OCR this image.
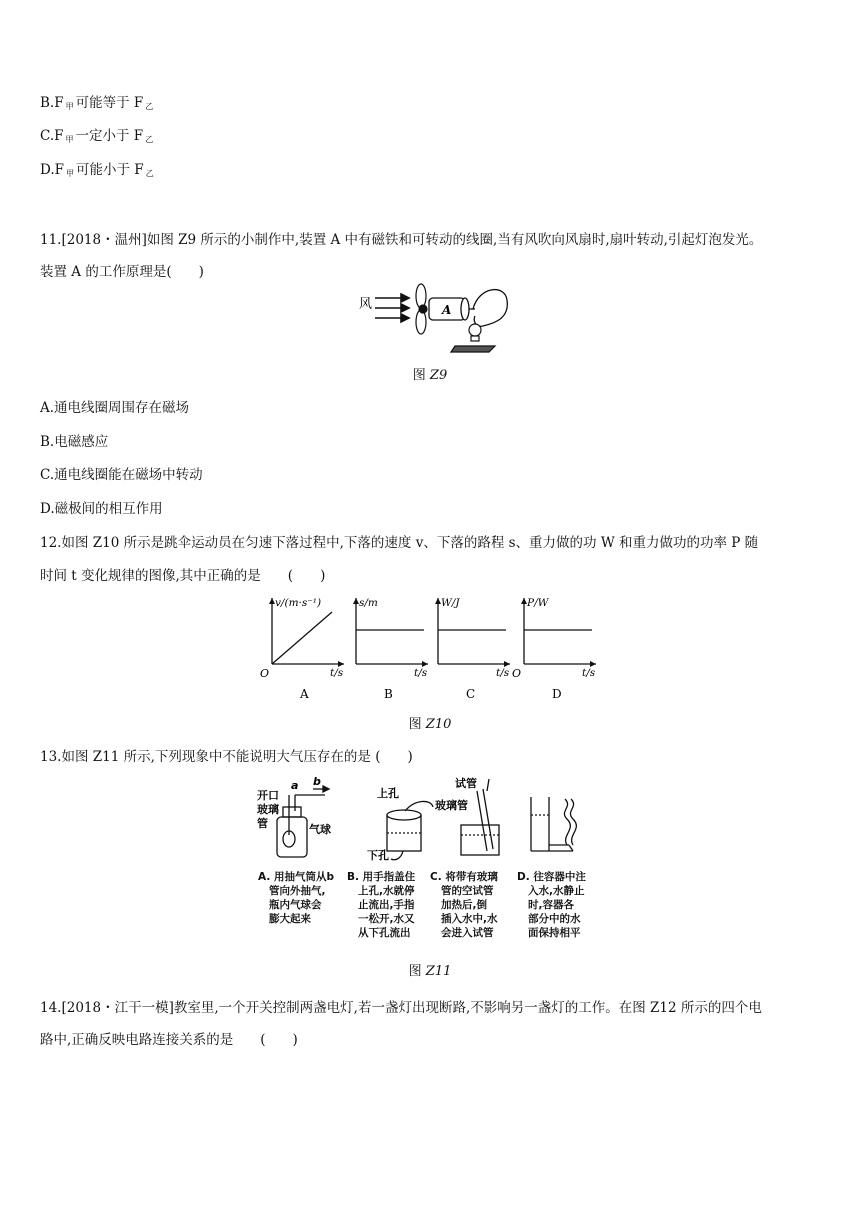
B.F $_甲$ 可能等于 F $_乙$
C.F $_甲$ 一定小于 F $_乙$
D.F $_甲$ 可能小于 F $_乙$
11.[2018・温州]如图 Z9 所示的小制作中,装置 A 中有磁铁和可转动的线圈,当有风吹向风扇时,扇叶转动,引起灯泡发光。
装置 A 的工作原理是(　　)
风	A
图 Z9
A.通电线圈周围存在磁场
B.电磁感应
C.通电线圈能在磁场中转动
D.磁极间的相互作用
12.如图 Z10 所示是跳伞运动员在匀速下落过程中,下落的速度 v、下落的路程 s、重力做的功 W 和重力做功的功率 P 随
时间 t 变化规律的图像,其中正确的是　　(　　)
v/(m·s⁻¹)
t/s
O
A
s/m
t/s
B
W/J
t/s
C
P/W
t/s
O
D
图 Z10
13.如图 Z11 所示,下列现象中不能说明大气压存在的是 (　　)
开口
a b
玻璃
管	气球
上孔
下孔
试管
玻璃管
A. 用抽气筒从b
管向外抽气,
瓶内气球会
膨大起来
B. 用手指盖住
上孔,水就停
止流出,手指
一松开,水又
从下孔流出
C. 将带有玻璃
管的空试管
加热后,倒
插入水中,水
会进入试管
D. 往容器中注
入水,水静止
时,容器各
部分中的水
面保持相平
图 Z11
14.[2018・江干一模]教室里,一个开关控制两盏电灯,若一盏灯出现断路,不影响另一盏灯的工作。在图 Z12 所示的四个电
路中,正确反映电路连接关系的是　　(　　)
